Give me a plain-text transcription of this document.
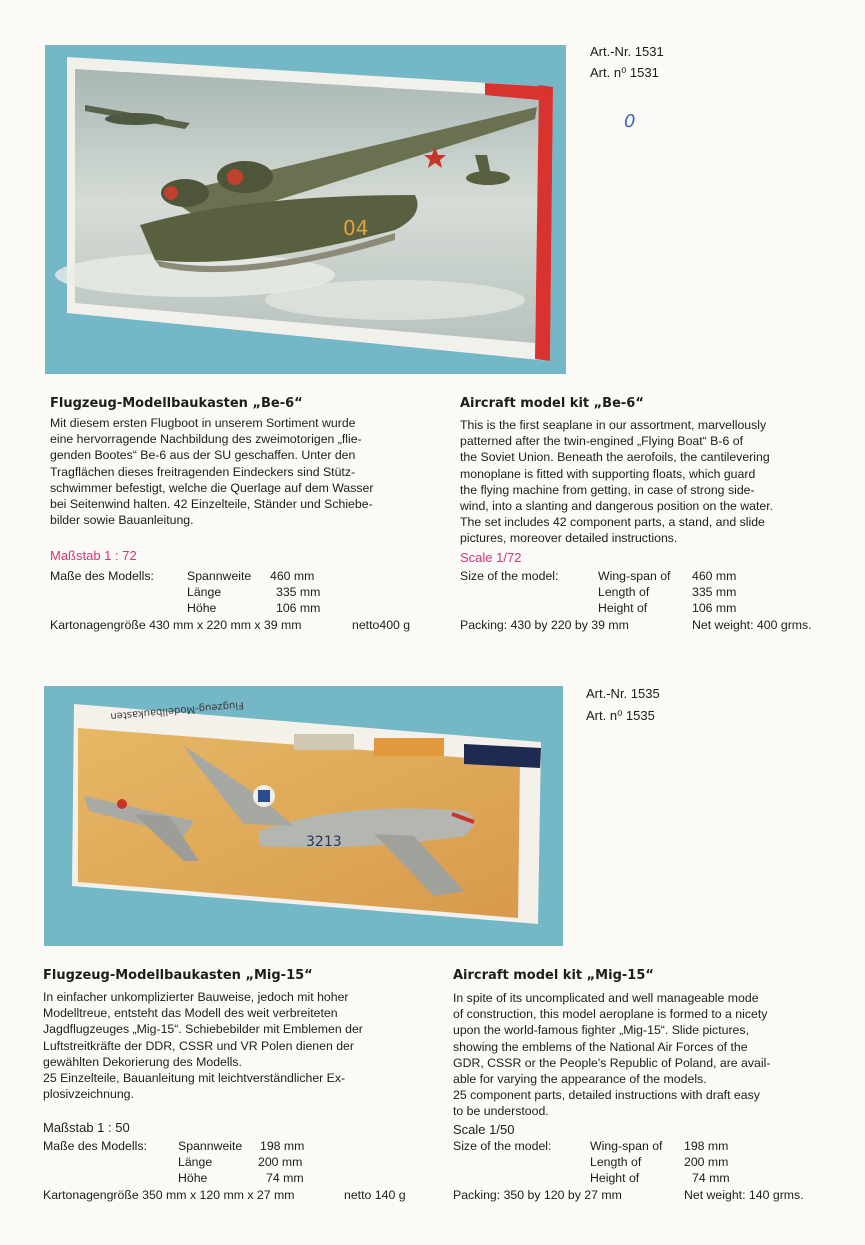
04
Art.-Nr. 1531
Art. n⁰ 1531
0
Flugzeug-Modellbaukasten „Be-6“
Mit diesem ersten Flugboot in unserem Sortiment wurde
eine hervorragende Nachbildung des zweimotorigen „flie-
genden Bootes“ Be-6 aus der SU geschaffen. Unter den
Tragflächen dieses freitragenden Eindeckers sind Stütz-
schwimmer befestigt, welche die Querlage auf dem Wasser
bei Seitenwind halten. 42 Einzelteile, Ständer und Schiebe-
bilder sowie Bauanleitung.
Maßstab 1 : 72
Maße des Modells:	Spannweite 460 mm
Länge	335 mm
Höhe	106 mm
Kartonagengröße 430 mm x 220 mm x 39 mm	netto400 g
Aircraft model kit „Be-6“
This is the first seaplane in our assortment, marvellously
patterned after the twin-engined „Flying Boat“ B-6 of
the Soviet Union. Beneath the aerofoils, the cantilevering
monoplane is fitted with supporting floats, which guard
the flying machine from getting, in case of strong side-
wind, into a slanting and dangerous position on the water.
The set includes 42 component parts, a stand, and slide
pictures, moreover detailed instructions.
Scale 1/72
Size of the model:	Wing-span of 460 mm
Length of	335 mm
Height of	106 mm
Packing: 430 by 220 by 39 mm	Net weight: 400 grms.
Flugzeug-Modellbaukasten
3213
Art.-Nr. 1535
Art. n⁰ 1535
Flugzeug-Modellbaukasten „Mig-15“
In einfacher unkomplizierter Bauweise, jedoch mit hoher
Modelltreue, entsteht das Modell des weit verbreiteten
Jagdflugzeuges „Mig-15“. Schiebebilder mit Emblemen der
Luftstreitkräfte der DDR, CSSR und VR Polen dienen der
gewählten Dekorierung des Modells.
25 Einzelteile, Bauanleitung mit leichtverständlicher Ex-
plosivzeichnung.
Maßstab 1 : 50
Maße des Modells:	Spannweite 198 mm
Länge	200 mm
Höhe	74 mm
Kartonagengröße 350 mm x 120 mm x 27 mm	netto 140 g
Aircraft model kit „Mig-15“
In spite of its uncomplicated and well manageable mode
of construction, this model aeroplane is formed to a nicety
upon the world-famous fighter „Mig-15“. Slide pictures,
showing the emblems of the National Air Forces of the
GDR, CSSR or the People's Republic of Poland, are avail-
able for varying the appearance of the models.
25 component parts, detailed instructions with draft easy
to be understood.
Scale 1/50
Size of the model:	Wing-span of 198 mm
Length of	200 mm
Height of	74 mm
Packing: 350 by 120 by 27 mm	Net weight: 140 grms.
